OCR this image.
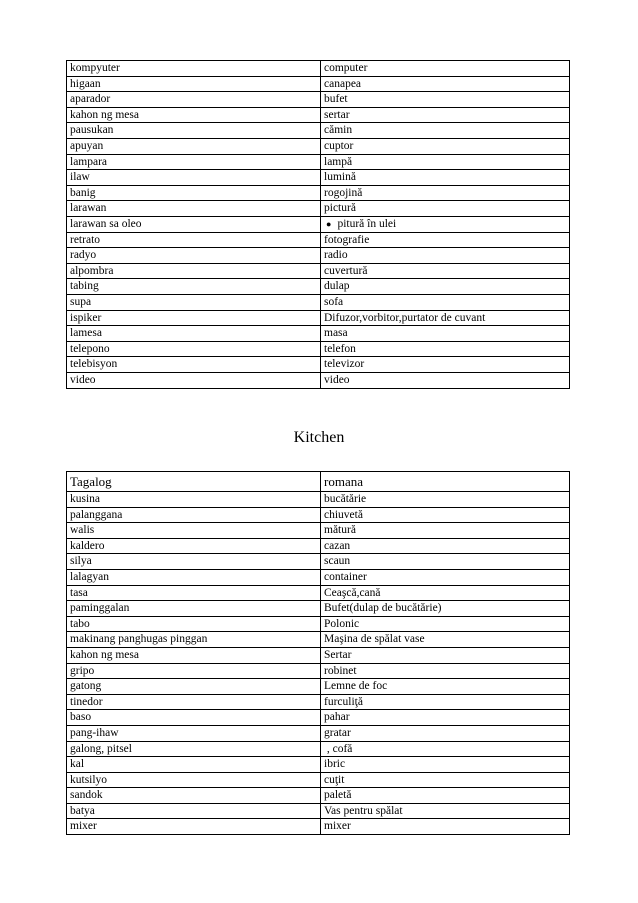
kompyuter	computer
higaan	canapea
aparador	bufet
kahon ng mesa	sertar
pausukan	cămin
apuyan	cuptor
lampara	lampă
ilaw	lumină
banig	rogojină
larawan	pictură
larawan sa oleo	● pitură în ulei
retrato	fotografie
radyo	radio
alpombra	cuvertură
tabing	dulap
supa	sofa
ispiker	Difuzor,vorbitor,purtator de cuvant
lamesa	masa
telepono	telefon
telebisyon	televizor
video	video
Kitchen
Tagalog	romana
kusina	bucătărie
palanggana	chiuvetă
walis	mătură
kaldero	cazan
silya	scaun
lalagyan	container
tasa	Ceaşcă,cană
paminggalan	Bufet(dulap de bucătărie)
tabo	Polonic
makinang panghugas pinggan	Maşina de spălat vase
kahon ng mesa	Sertar
gripo	robinet
gatong	Lemne de foc
tinedor	furculiţă
baso	pahar
pang-ihaw	gratar
galong, pitsel	, cofă
kal	ibric
kutsilyo	cuţit
sandok	paletă
batya	Vas pentru spălat
mixer	mixer
